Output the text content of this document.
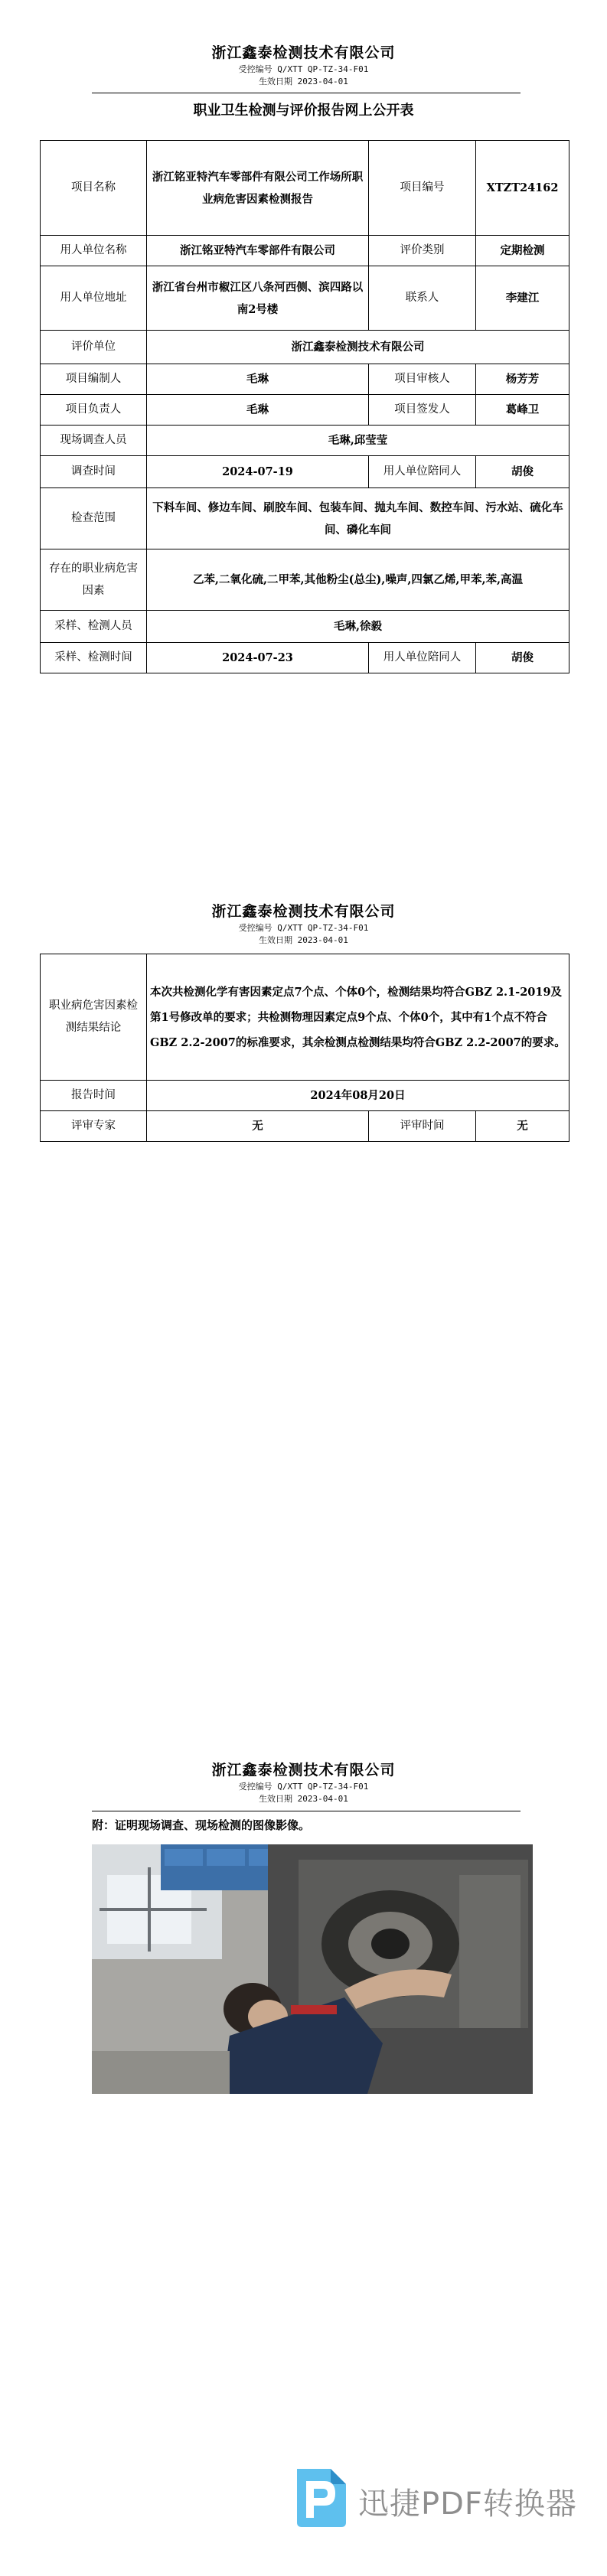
浙江鑫泰检测技术有限公司
受控编号 Q/XTT QP-TZ-34-F01
生效日期 2023-04-01
职业卫生检测与评价报告网上公开表
项目名称	浙江铭亚特汽车零部件有限公司工作场所职业病危害因素检测报告	项目编号	XTZT24162
用人单位名称	浙江铭亚特汽车零部件有限公司	评价类别	定期检测
用人单位地址	浙江省台州市椒江区八条河西侧、滨四路以南2号楼	联系人	李建江
评价单位	浙江鑫泰检测技术有限公司		
项目编制人	毛琳	项目审核人	杨芳芳
项目负责人	毛琳	项目签发人	葛峰卫
现场调查人员	毛琳,邱莹莹		
调查时间	2024-07-19	用人单位陪同人	胡俊
检查范围	下料车间、修边车间、刷胶车间、包装车间、抛丸车间、数控车间、污水站、硫化车间、磷化车间		
存在的职业病危害因素	乙苯,二氧化硫,二甲苯,其他粉尘(总尘),噪声,四氯乙烯,甲苯,苯,高温		
采样、检测人员	毛琳,徐毅		
采样、检测时间	2024-07-23	用人单位陪同人	胡俊
浙江鑫泰检测技术有限公司
受控编号 Q/XTT QP-TZ-34-F01
生效日期 2023-04-01
职业病危害因素检测结果结论	本次共检测化学有害因素定点7个点、个体0个，检测结果均符合GBZ 2.1-2019及第1号修改单的要求；共检测物理因素定点9个点、个体0个，其中有1个点不符合GBZ 2.2-2007的标准要求，其余检测点检测结果均符合GBZ 2.2-2007的要求。		
报告时间	2024年08月20日		
评审专家	无	评审时间	无
浙江鑫泰检测技术有限公司
受控编号 Q/XTT QP-TZ-34-F01
生效日期 2023-04-01
附：证明现场调查、现场检测的图像影像。
迅捷PDF转换器
